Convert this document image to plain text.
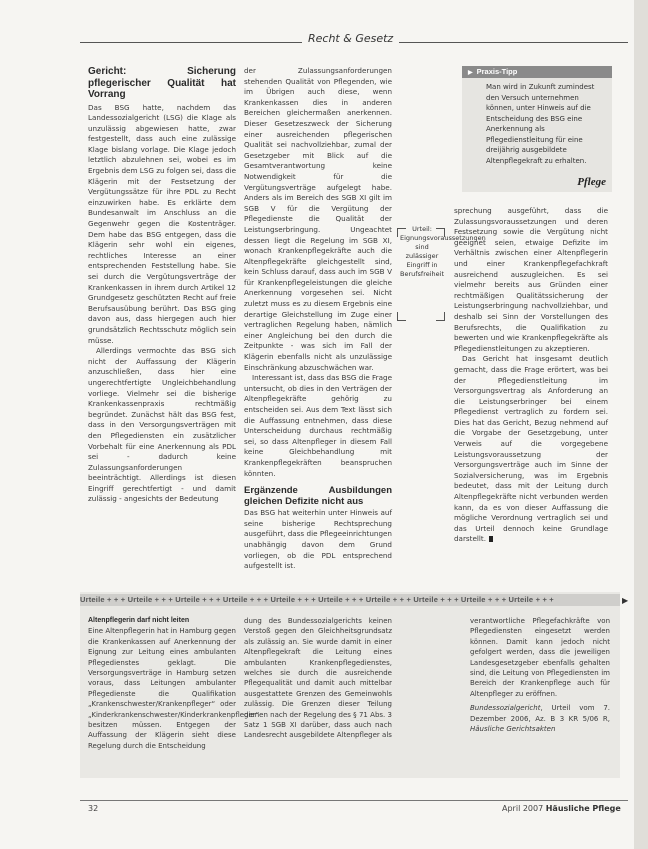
Recht & Gesetz
Gericht: Sicherung pflegerischer Qualität hat Vorrang

Das BSG hatte, nachdem das Landessozialgericht (LSG) die Klage als unzulässig abgewiesen hatte, zwar festgestellt, dass auch eine zulässige Klage bislang vorlage. Die Klage jedoch letztlich abzulehnen sei, wobei es im Ergebnis dem LSG zu folgen sei, dass die Klägerin mit der Festsetzung der Vergütungssätze für ihre PDL zu Recht einzuwirken habe. Es erklärte dem Bundesanwalt im Anschluss an die Gegenwehr gegen die Kostenträger. Dem habe das BSG entgegen, dass die Klägerin sehr wohl ein eigenes, rechtliches Interesse an einer entsprechenden Feststellung habe. Sie sei durch die Vergütungsverträge der Krankenkassen in ihrem durch Artikel 12 Grundgesetz geschützten Recht auf freie Berufsausübung berührt. Das BSG ging davon aus, dass hiergegen auch hier grundsätzlich Rechtsschutz möglich sein müsse.

Allerdings vermochte das BSG sich nicht der Auffassung der Klägerin anzuschließen, dass hier eine ungerechtfertigte Ungleichbehandlung vorliege. Vielmehr sei die bisherige Krankenkassenpraxis rechtmäßig begründet. Zunächst hält das BSG fest, dass in den Versorgungsverträgen mit den Pflegediensten ein zusätzlicher Vorbehalt für eine Anerkennung als PDL sei - dadurch keine Zulassungsanforderungen beeinträchtigt. Allerdings ist diesen Eingriff gerechtfertigt - und damit zulässig - angesichts der Bedeutung

der Zulassungsanforderungen stehenden Qualität von Pflegenden, wie im Übrigen auch diese, wenn Krankenkassen dies in anderen Bereichen gleichermaßen anerkennen. Dieser Gesetzeszweck der Sicherung einer ausreichenden pflegerischen Qualität sei nachvollziehbar, zumal der Gesetzgeber mit Blick auf die Gesamtverantwortung keine Notwendigkeit für die Vergütungsverträge aufgelegt habe. Anders als im Bereich des SGB XI gilt im SGB V für die Vergütung der Pflegedienste die Qualität der Leistungserbringung. Ungeachtet dessen liegt die Regelung im SGB XI, wonach Krankenpflegekräfte auch die Altenpflegekräfte gleichgestellt sind, kein Schluss darauf, dass auch im SGB V für Krankenpflegeleistungen die gleiche Anerkennung vorgesehen sei. Nicht zuletzt muss es zu diesem Ergebnis eine derartige Gleichstellung im Zuge einer vertraglichen Regelung haben, nämlich einer Angleichung bei den durch die Zeitpunkte - was sich im Fall der Klägerin ebenfalls nicht als unzulässige Einschränkung abzuschwächen war.

Interessant ist, dass das BSG die Frage untersucht, ob dies in den Verträgen der Altenpflegekräfte gehörig zu entscheiden sei. Aus dem Text lässt sich die Auffassung entnehmen, dass diese Unterscheidung durchaus rechtmäßig sei, so dass Altenpfleger in diesem Fall keine Gleichbehandlung mit Krankenpflegekräften beanspruchen könnten.

Ergänzende Ausbildungen gleichen Defizite nicht aus

Das BSG hat weiterhin unter Hinweis auf seine bisherige Rechtsprechung ausgeführt, dass die Pflegeeinrichtungen unabhängig davon dem Grund vorliegen, ob die PDL entsprechend aufgestellt ist.

Urteil: Eignungsvoraussetzungen sind zulässiger Eingriff in Berufsfreiheit
▶ Praxis-Tipp
Man wird in Zukunft zumindest den Versuch unternehmen können, unter Hinweis auf die Entscheidung des BSG eine Anerkennung als Pflegedienstleitung für eine dreijährig ausgebildete Altenpflegekraft zu erhalten.
Pflege

sprechung ausgeführt, dass die Zulassungsvoraussetzungen und deren Festsetzung sowie die Vergütung nicht geeignet seien, etwaige Defizite im Verhältnis zwischen einer Altenpflegerin und einer Krankenpflegefachkraft ausreichend auszugleichen. Es sei vielmehr bereits aus Gründen einer rechtmäßigen Qualitätssicherung der Leistungserbringung nachvollziehbar, und deshalb sei Sinn der Vorstellungen des Berufsrechts, die Qualifikation zu bewerten und wie Krankenpflegekräfte als Pflegedienstleitungen zu akzeptieren.

Das Gericht hat insgesamt deutlich gemacht, dass die Frage erörtert, was bei der Pflegedienstleitung im Versorgungsvertrag als Anforderung an die Leistungserbringer bei einem Pflegedienst vertraglich zu fordern sei. Dies hat das Gericht, Bezug nehmend auf die Vorgabe der Gesetzgebung, unter Verweis auf die vorgegebene Leistungsvoraussetzung der Versorgungsverträge auch im Sinne der Sozialversicherung, was im Ergebnis bedeutet, dass mit der Leitung durch Altenpflegekräfte nicht verbunden werden kann, da es von dieser Auffassung die mögliche Verordnung vertraglich sei und das Urteil dennoch keine Grundlage darstellt.

Urteile + + + Urteile + + + Urteile + + + Urteile + + + Urteile + + + Urteile + + + Urteile + + + Urteile + + + Urteile + + + Urteile + + +	▶
Altenpflegerin darf nicht leiten
Eine Altenpflegerin hat in Hamburg gegen die Krankenkassen auf Anerkennung der Eignung zur Leitung eines ambulanten Pflegedienstes geklagt. Die Versorgungsverträge in Hamburg setzen voraus, dass Leitungen ambulanter Pflegedienste die Qualifikation „Krankenschwester/Krankenpfleger“ oder „Kinderkrankenschwester/Kinderkrankenpfleger“ besitzen müssen. Entgegen der Auffassung der Klägerin sieht diese Regelung durch die Entscheidung
dung des Bundessozialgerichts keinen Verstoß gegen den Gleichheitsgrundsatz als zulässig an. Sie wurde damit in einer Altenpflegekraft die Leitung eines ambulanten Krankenpflegedienstes, welches sie durch die ausreichende Pflegequalität und damit auch mittelbar ausgestattete Grenzen des Gemeinwohls zulässig. Die Grenzen dieser Teilung dienen nach der Regelung des § 71 Abs. 3 Satz 1 SGB XI darüber, dass auch nach Landesrecht ausgebildete Altenpfleger als
verantwortliche Pflegefachkräfte von Pflegediensten eingesetzt werden können. Damit kann jedoch nicht gefolgert werden, dass die jeweiligen Landesgesetzgeber ebenfalls gehalten sind, die Leitung von Pflegediensten im Bereich der Krankenpflege auch für Altenpfleger zu eröffnen.
Bundessozialgericht, Urteil vom 7. Dezember 2006, Az. B 3 KR 5/06 R, Häusliche Gerichtsakten
32	April 2007 Häusliche Pflege
